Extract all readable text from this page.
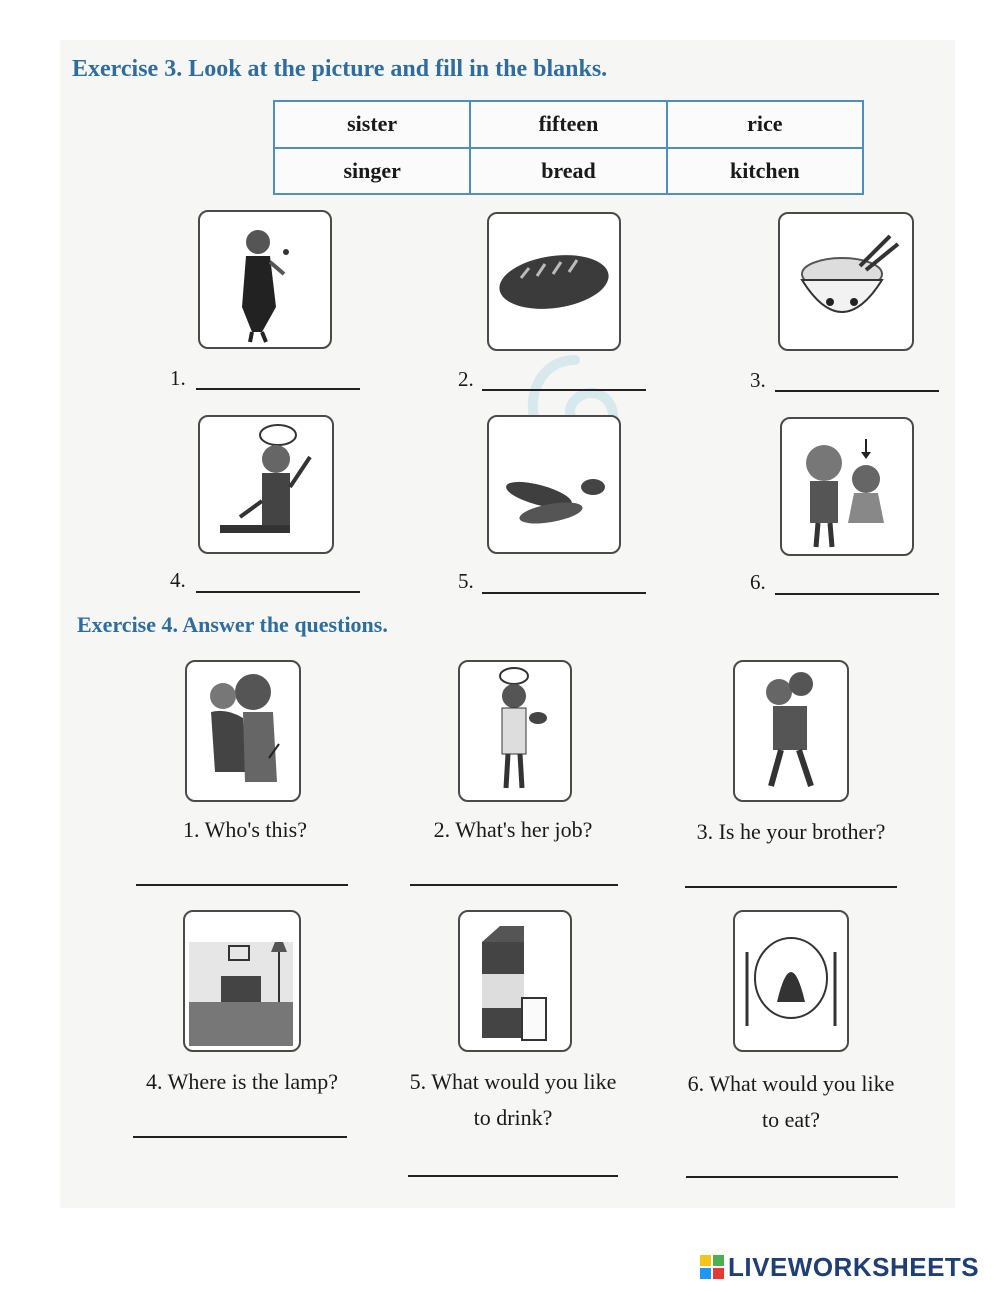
Exercise 3. Look at the picture and fill in the blanks.
sister	fifteen	rice
singer	bread	kitchen
1.	2.	3.
4.	5.	6.
Exercise 4. Answer the questions.
1. Who's this?	2. What's her job?	3. Is he your brother?
4. Where is the lamp?	5. What would you like
to drink?
6. What would you like
to eat?
LIVEWORKSHEETS
